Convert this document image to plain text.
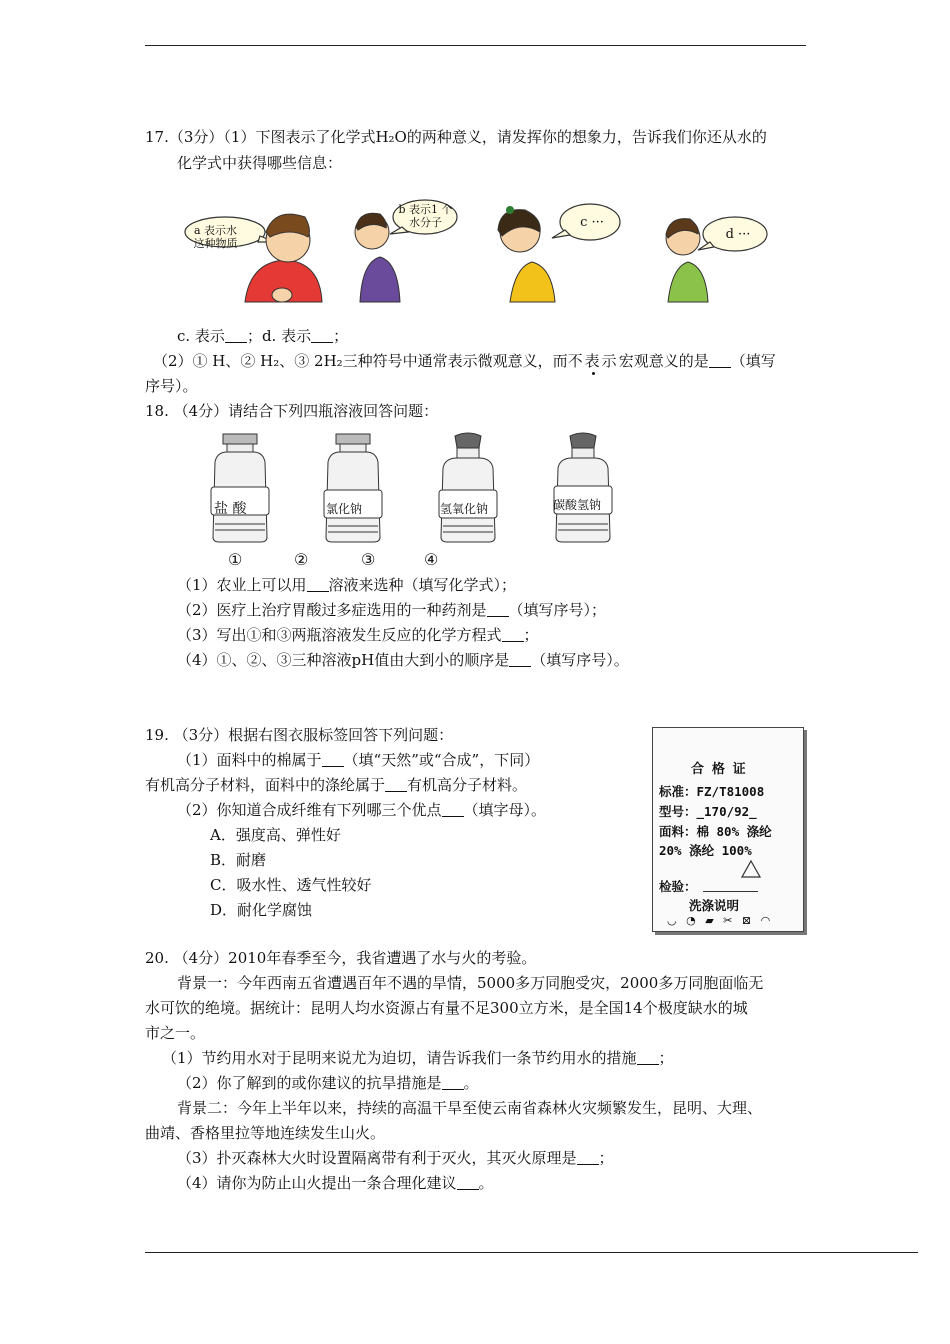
17.（3分）（1）下图表示了化学式H₂O的两种意义，请发挥你的想象力，告诉我们你还从水的
化学式中获得哪些信息：
a 表示水 这种物质
b 表示1 个水分子	c ···
d ···
c. 表示 ；d. 表示 ；
（2）① H、② H₂、③ 2H₂三种符号中通常表示微观意义，而不表示宏观意义的是 （填写
序号）。
18. （4分）请结合下列四瓶溶液回答问题：
盐 酸	氯化钠	氢氧化钠	碳酸氢钠
①	②	③	④
（1）农业上可以用 溶液来选种（填写化学式）；
（2）医疗上治疗胃酸过多症选用的一种药剂是 （填写序号）；
（3）写出①和③两瓶溶液发生反应的化学方程式 ；
（4）①、②、③三种溶液pH值由大到小的顺序是 （填写序号）。
19. （3分）根据右图衣服标签回答下列问题：
（1）面料中的棉属于 （填“天然”或“合成”，下同）
有机高分子材料，面料中的涤纶属于 有机高分子材料。
（2）你知道合成纤维有下列哪三个优点 （填字母）。
A．强度高、弹性好
B．耐磨
C．吸水性、透气性较好
D．耐化学腐蚀
合 格 证
标准：FZ/T81008
型号：_170/92_
面料：棉 80% 涤纶
20% 涤纶 100%
检验：
洗涤说明
◡ ◔ ▰ ✂ ⊠ ◠
20. （4分）2010年春季至今，我省遭遇了水与火的考验。
背景一：今年西南五省遭遇百年不遇的旱情，5000多万同胞受灾，2000多万同胞面临无
水可饮的绝境。据统计：昆明人均水资源占有量不足300立方米，是全国14个极度缺水的城
市之一。
（1）节约用水对于昆明来说尤为迫切，请告诉我们一条节约用水的措施 ；
（2）你了解到的或你建议的抗旱措施是 。
背景二：今年上半年以来，持续的高温干旱至使云南省森林火灾频繁发生，昆明、大理、
曲靖、香格里拉等地连续发生山火。
（3）扑灭森林大火时设置隔离带有利于灭火，其灭火原理是 ；
（4）请你为防止山火提出一条合理化建议 。
